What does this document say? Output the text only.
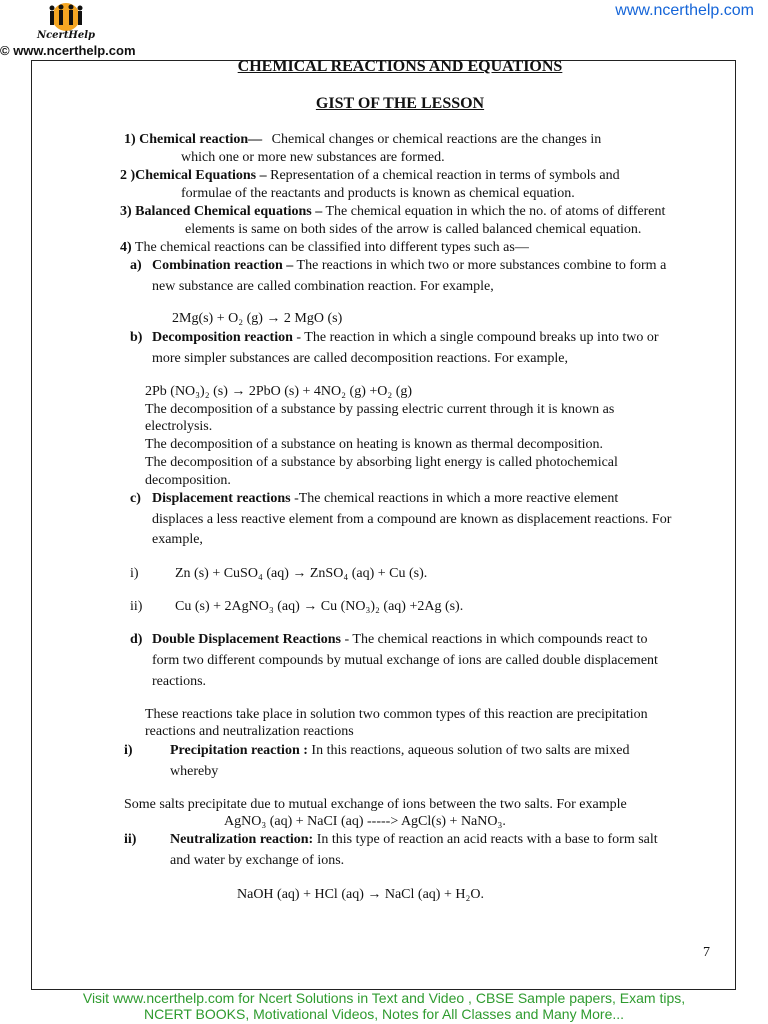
NcertHelp
www.ncerthelp.com
© www.ncerthelp.com
CHEMICAL REACTIONS AND EQUATIONS
GIST OF THE LESSON
1) Chemical reaction— Chemical changes or chemical reactions are the changes in
which one or more new substances are formed.
2 )Chemical Equations – Representation of a chemical reaction in terms of symbols and
formulae of the reactants and products is known as chemical equation.
3) Balanced Chemical equations – The chemical equation in which the no. of atoms of different
elements is same on both sides of the arrow is called balanced chemical equation.
4) The chemical reactions can be classified into different types such as—
a) Combination reaction – The reactions in which two or more substances combine to form a
new substance are called combination reaction. For example,
2Mg(s) + O₂ (g) → 2 MgO (s)
b) Decomposition reaction - The reaction in which a single compound breaks up into two or
more simpler substances are called decomposition reactions. For example,
2Pb (NO₃)₂ (s) → 2PbO (s) + 4NO₂ (g) +O₂ (g)
The decomposition of a substance by passing electric current through it is known as
electrolysis.
The decomposition of a substance on heating is known as thermal decomposition.
The decomposition of a substance by absorbing light energy is called photochemical
decomposition.
c) Displacement reactions -The chemical reactions in which a more reactive element
displaces a less reactive element from a compound are known as displacement reactions. For
example,
i)	Zn (s) + CuSO₄ (aq) → ZnSO₄ (aq) + Cu (s).
ii) Cu (s) + 2AgNO₃ (aq) → Cu (NO₃)₂ (aq) +2Ag (s).
d) Double Displacement Reactions - The chemical reactions in which compounds react to
form two different compounds by mutual exchange of ions are called double displacement
reactions.
These reactions take place in solution two common types of this reaction are precipitation
reactions and neutralization reactions
i)	Precipitation reaction : In this reactions, aqueous solution of two salts are mixed
whereby
Some salts precipitate due to mutual exchange of ions between the two salts. For example
AgNO₃ (aq) + NaCI (aq) -----> AgCl(s) + NaNO₃.
ii) Neutralization reaction: In this type of reaction an acid reacts with a base to form salt
and water by exchange of ions.
NaOH (aq) + HCl (aq) → NaCl (aq) + H₂O.
7
Visit www.ncerthelp.com for Ncert Solutions in Text and Video , CBSE Sample papers, Exam tips,
NCERT BOOKS, Motivational Videos, Notes for All Classes and Many More...
